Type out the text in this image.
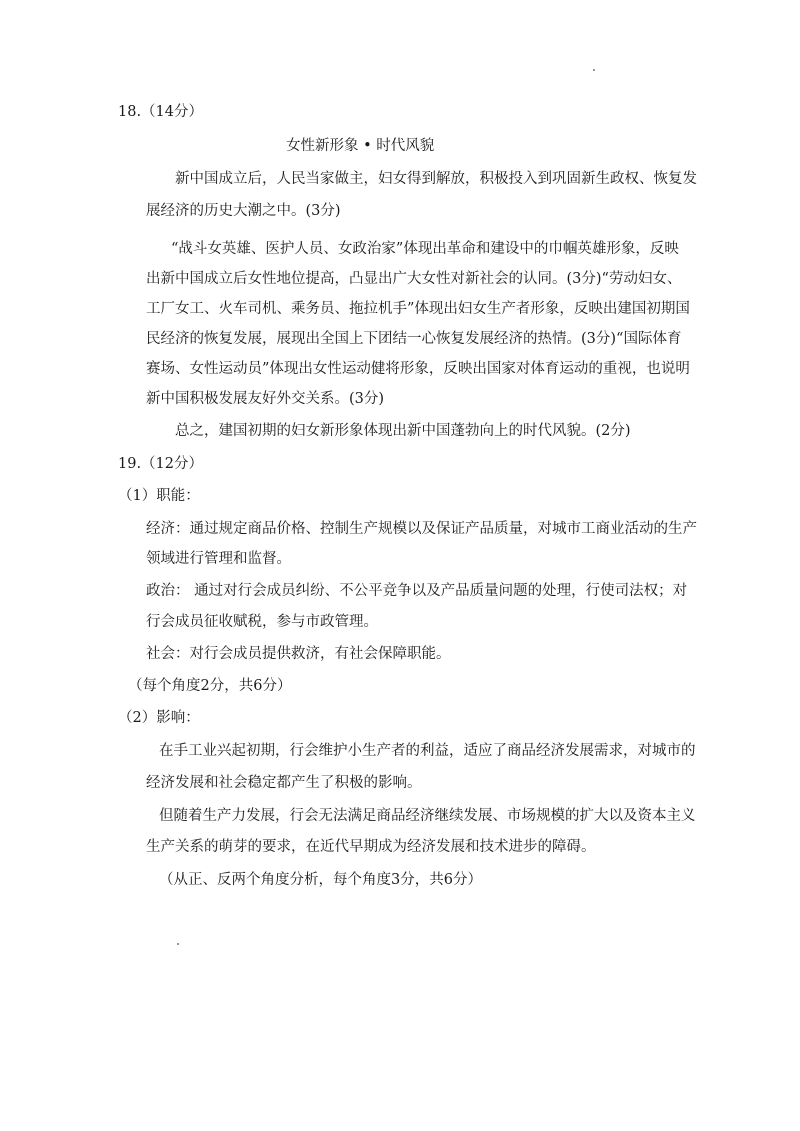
18.（14分）

女性新形象 • 时代风貌

新中国成立后，人民当家做主，妇女得到解放，积极投入到巩固新生政权、恢复发

展经济的历史大潮之中。(3分)

“战斗女英雄、医护人员、女政治家”体现出革命和建设中的巾帼英雄形象，反映

出新中国成立后女性地位提高，凸显出广大女性对新社会的认同。(3分)“劳动妇女、

工厂女工、火车司机、乘务员、拖拉机手”体现出妇女生产者形象，反映出建国初期国

民经济的恢复发展，展现出全国上下团结一心恢复发展经济的热情。(3分)“国际体育

赛场、女性运动员”体现出女性运动健将形象，反映出国家对体育运动的重视，也说明

新中国积极发展友好外交关系。(3分)

总之，建国初期的妇女新形象体现出新中国蓬勃向上的时代风貌。(2分)

19.（12分）

（1）职能：

经济：通过规定商品价格、控制生产规模以及保证产品质量，对城市工商业活动的生产

领域进行管理和监督。

政治： 通过对行会成员纠纷、不公平竞争以及产品质量问题的处理，行使司法权；对

行会成员征收赋税，参与市政管理。

社会：对行会成员提供救济，有社会保障职能。

（每个角度2分，共6分）

（2）影响：

在手工业兴起初期，行会维护小生产者的利益，适应了商品经济发展需求，对城市的

经济发展和社会稳定都产生了积极的影响。

但随着生产力发展，行会无法满足商品经济继续发展、市场规模的扩大以及资本主义

生产关系的萌芽的要求，在近代早期成为经济发展和技术进步的障碍。

（从正、反两个角度分析，每个角度3分，共6分）
